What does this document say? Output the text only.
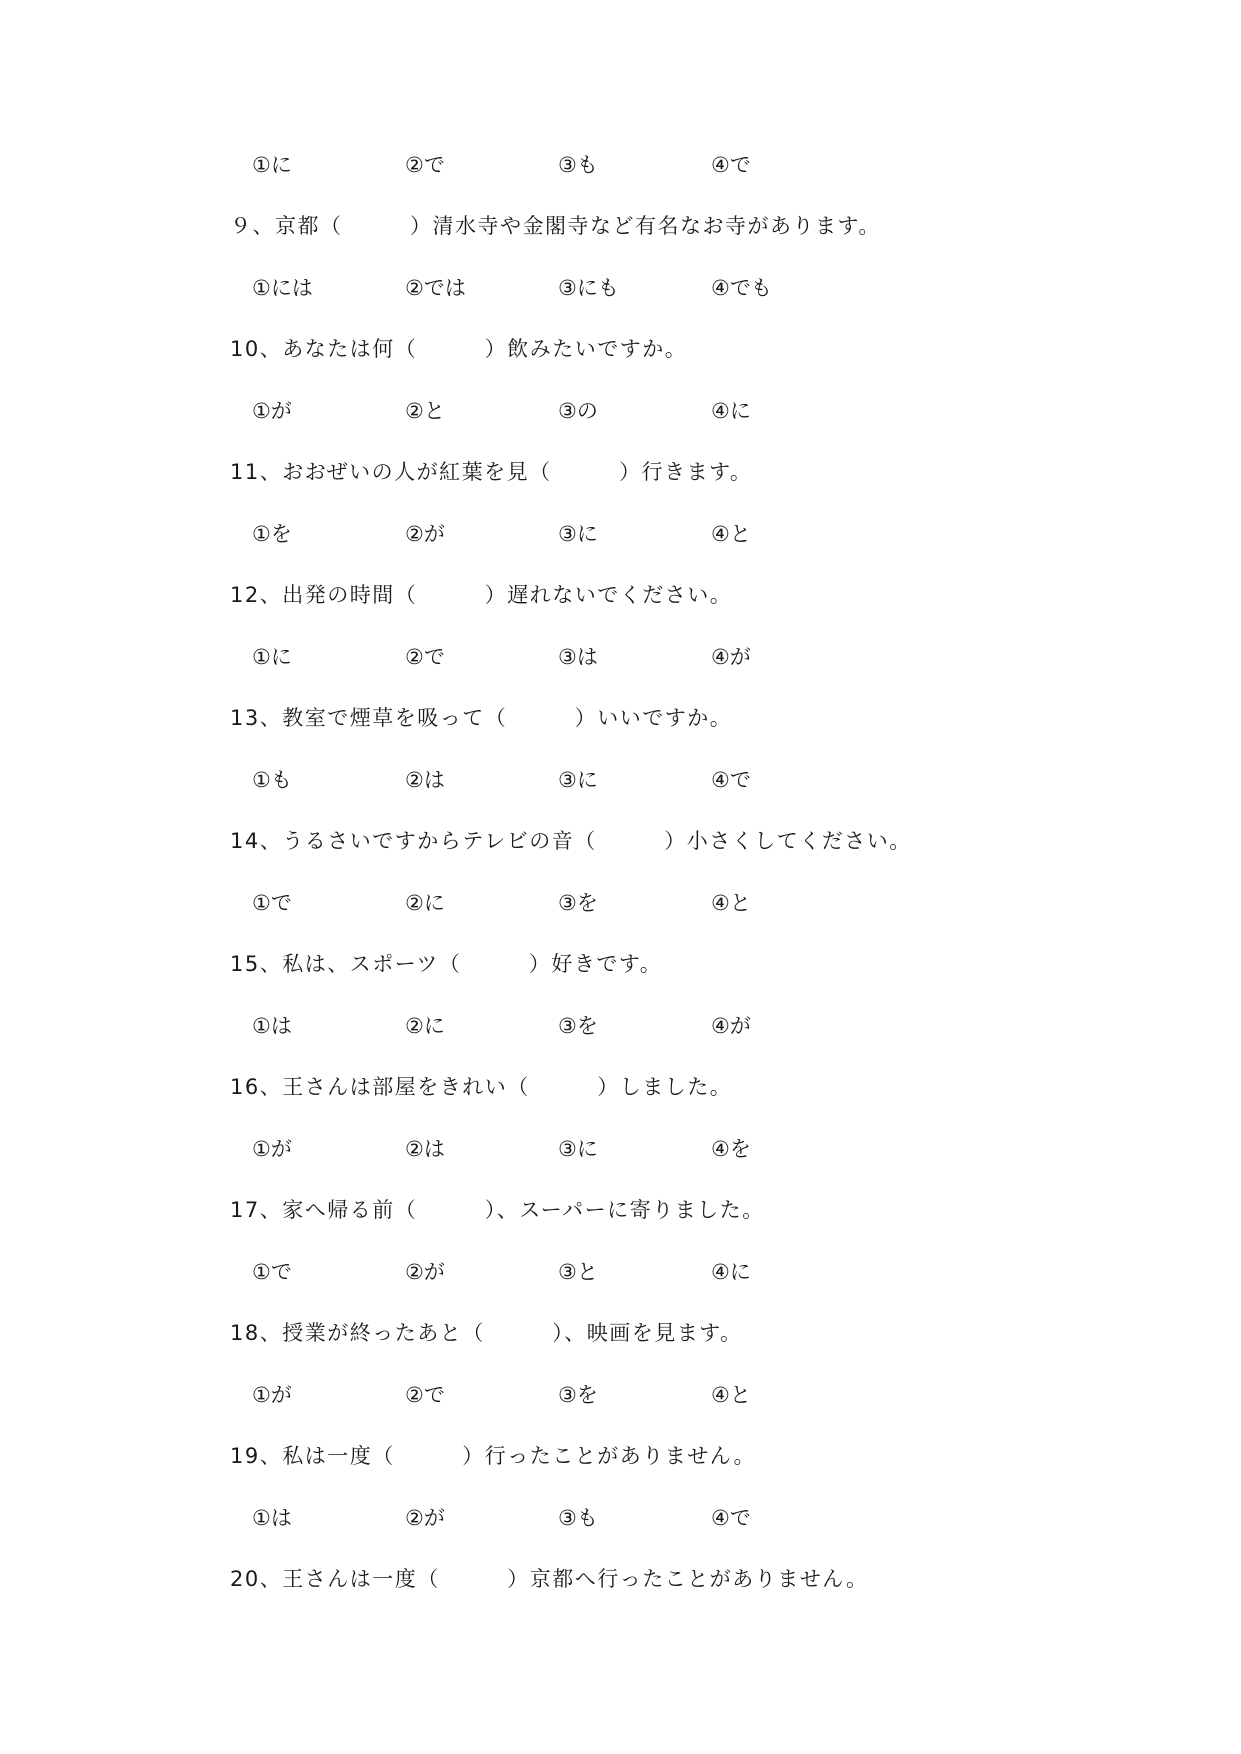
①に	②で	③も	④で
９、京都（　　　）清水寺や金閣寺など有名なお寺があります。
①には	②では	③にも	④でも
10、あなたは何（　　　）飲みたいですか。
①が	②と	③の	④に
11、おおぜいの人が紅葉を見（　　　）行きます。
①を	②が	③に	④と
12、出発の時間（　　　）遅れないでください。
①に	②で	③は	④が
13、教室で煙草を吸って（　　　）いいですか。
①も	②は	③に	④で
14、うるさいですからテレビの音（　　　）小さくしてください。
①で	②に	③を	④と
15、私は、スポーツ（　　　）好きです。
①は	②に	③を	④が
16、王さんは部屋をきれい（　　　）しました。
①が	②は	③に	④を
17、家へ帰る前（　　　）、スーパーに寄りました。
①で	②が	③と	④に
18、授業が終ったあと（　　　）、映画を見ます。
①が	②で	③を	④と
19、私は一度（　　　）行ったことがありません。
①は	②が	③も	④で
20、王さんは一度（　　　）京都へ行ったことがありません。
